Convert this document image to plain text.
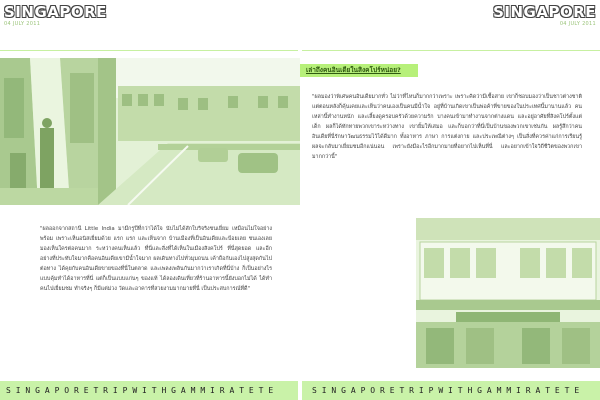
SINGAPORE
04 JULY 2011

"ผลออกจากสถานี Little India มามีกรูปีที่กว่าได้ใจ นับไม่ได้สักใบริจริงชนเยี่ยม เหมือนไม่ใจอย่างพร้อม เพราะเห็นอนิสเยี่ยมด้วย แรก แรก และเห็นจาก บ้านเมืองที่เป็นอินเดียและป้อยเลย ชนเองเลยมองเห็นใครต่อคนมาก ระหว่างคนเห็นแล้ว ที่นี่และสิ่งที่ได้เห็นในเมืองสิงคโปร์ ที่นี่สุดยอด และอีกอย่างที่ประทับใจมากคือคนอินเดียเขามีน้ำใจมาก ผลเดินทางไปทั่วมุมถนน เค้าถือกันเองไปสูงสุดกันไปต่อทาง ได้คุยกับคนอินเดียขายของที่นี่ในตลาด และเพลงเพลินกันมากว่าเราเกิดที่นี่บ้าง ก็เป็นอย่างไรแบบคุ้มทำได้อาหารที่นี่ แต่ก็เป็นแบบแก่นๆ ของแท้ ได้ลองเดินเที่ยวที่ร้านอาหารนี้ยังบอกไม่ได้ ได้ทำคนไปเยี่ยมชม ทำจริงๆ ก็มีแต่ม่วง วัดและอาคารที่สวยงามมากมายที่นี่ เป็นประสบการณ์ที่ดี"

SINGAPORETRIPWITHGAMMIRATETE
SINGAPORE
04 JULY 2011
เล่าถึงคนอินเดียในสิงคโปร์หน่อย?

"ผลมองว่าพิเศษคนอินเดียมากทั่ว ไม่ว่าที่ไหนก็มากกว่าเพราะ เพราะคิดว่ามีเชื้อสาย เขาก็ชอบมองว่าเป็นชาวต่างชาติ แต่ตอนหลังก็คุ้นเคยและเห็นว่าคนเองเป็นคนมีน้ำใจ อยู่ที่บ้านเกิดเขาเป็นพ่อค้าที่ขายของในประเทศนี้มานานแล้ว คนเหล่านี้ทำงานหนัก และเลี้ยงดูครอบครัวด้วยความรัก บางคนเข้ามาทำงานจากต่างแดน และอยู่อาศัยที่สิงคโปร์ตั้งแต่เด็ก ผลก็ได้ทักทายพวกเขาระหว่างทาง เขายิ้มให้เสมอ และก็บอกว่าที่นี่เป็นบ้านของพวกเขาเช่นกัน ผลรู้สึกว่าคนอินเดียที่นี่รักษาวัฒนธรรมไว้ได้ดีมาก ทั้งอาหาร ภาษา การแต่งกาย และประเพณีต่างๆ เป็นสิ่งที่ควรค่าแก่การเรียนรู้ ผลจะกลับมาเยี่ยมชมอีกแน่นอน เพราะยังมีอะไรอีกมากมายที่อยากไปเห็นที่นี่ และอยากเข้าใจวิถีชีวิตของพวกเขามากกว่านี้"

SINGAPORETRIPWITHGAMMIRATETE
